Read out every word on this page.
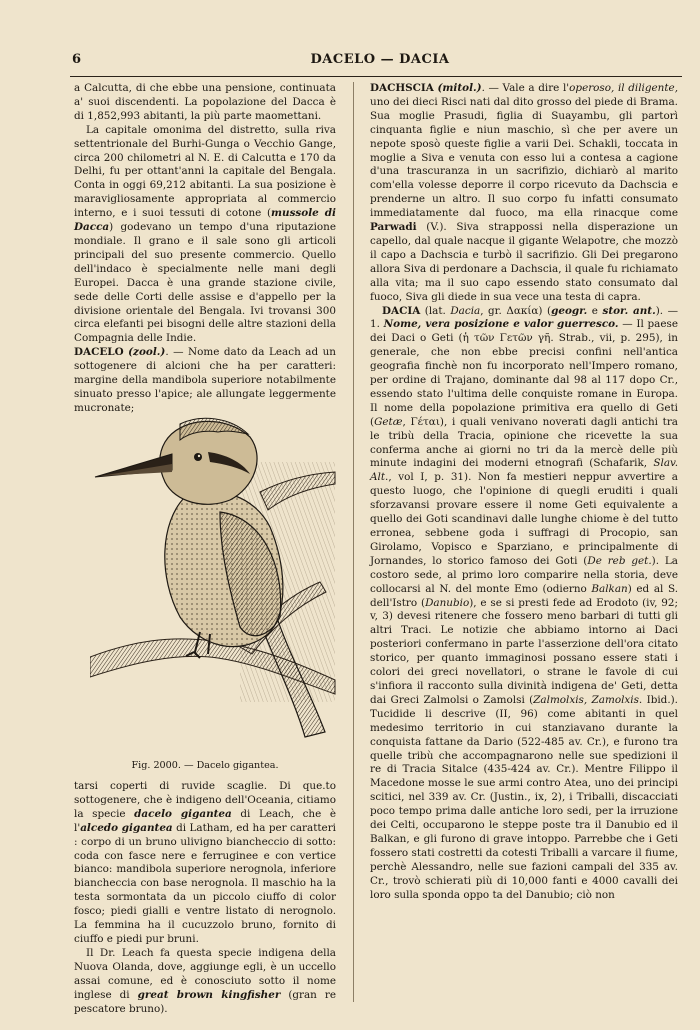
6	DACELO — DACIA

a Calcutta, di che ebbe una pensione, continuata a' suoi discendenti. La popolazione del Dacca è di 1,852,993 abitanti, la più parte maomettani.

La capitale omonima del distretto, sulla riva settentrionale del Burhi-Gunga o Vecchio Gange, circa 200 chilometri al N. E. di Calcutta e 170 da Delhi, fu per ottant'anni la capitale del Bengala. Conta in oggi 69,212 abitanti. La sua posizione è maravigliosamente appropriata al commercio interno, e i suoi tessuti di cotone (mussole di Dacca) godevano un tempo d'una riputazione mondiale. Il grano e il sale sono gli articoli principali del suo presente commercio. Quello dell'indaco è specialmente nelle mani degli Europei. Dacca è una grande stazione civile, sede delle Corti delle assise e d'appello per la divisione orientale del Bengala. Ivi trovansi 300 circa elefanti pei bisogni delle altre stazioni della Compagnia delle Indie.

DACELO (zool.). — Nome dato da Leach ad un sottogenere di alcioni che ha per caratteri: margine della mandibola superiore notabilmente sinuato presso l'apice; ale allungate leggermente mucronate;

Fig. 2000. — Dacelo gigantea.

tarsi coperti di ruvide scaglie. Di que.to sottogenere, che è indigeno dell'Oceania, citiamo la specie dacelo gigantea di Leach, che è l'alcedo gigantea di Latham, ed ha per caratteri : corpo di un bruno ulivigno biancheccio di sotto: coda con fasce nere e ferruginee e con vertice bianco: mandibola superiore nerognola, inferiore biancheccia con base nerognola. Il maschio ha la testa sormontata da un piccolo ciuffo di color fosco; piedi gialli e ventre listato di nerognolo. La femmina ha il cucuzzolo bruno, fornito di ciuffo e piedi pur bruni.

Il Dr. Leach fa questa specie indigena della Nuova Olanda, dove, aggiunge egli, è un uccello assai comune, ed è conosciuto sotto il nome inglese di great brown kingfisher (gran re pescatore bruno).

DACHSCIA (mitol.). — Vale a dire l'operoso, il diligente, uno dei dieci Risci nati dal dito grosso del piede di Brama. Sua moglie Prasudi, figlia di Suayambu, gli partorì cinquanta figlie e niun maschio, sì che per avere un nepote sposò queste figlie a varii Dei. Schakli, toccata in moglie a Siva e venuta con esso lui a contesa a cagione d'una trascuranza in un sacrifizio, dichiarò al marito com'ella volesse deporre il corpo ricevuto da Dachscia e prenderne un altro. Il suo corpo fu infatti consumato immediatamente dal fuoco, ma ella rinacque come Parwadi (V.). Siva strappossi nella disperazione un capello, dal quale nacque il gigante Welapotre, che mozzò il capo a Dachscia e turbò il sacrifizio. Gli Dei pregarono allora Siva di perdonare a Dachscia, il quale fu richiamato alla vita; ma il suo capo essendo stato consumato dal fuoco, Siva gli diede in sua vece una testa di capra.

DACIA (lat. Dacia, gr. Δακία) (geogr. e stor. ant.). — 1. Nome, vera posizione e valor guerresco. — Il paese dei Daci o Geti (ἡ τῶν Γετῶν γῆ. Strab., vii, p. 295), in generale, che non ebbe precisi confini nell'antica geografia finchè non fu incorporato nell'Impero romano, per ordine di Trajano, dominante dal 98 al 117 dopo Cr., essendo stato l'ultima delle conquiste romane in Europa. Il nome della popolazione primitiva era quello di Geti (Getæ, Γέται), i quali venivano noverati dagli antichi tra le tribù della Tracia, opinione che ricevette la sua conferma anche ai giorni no tri da la mercè delle più minute indagini dei moderni etnografi (Schafarik, Slav. Alt., vol I, p. 31). Non fa mestieri neppur avvertire a questo luogo, che l'opinione di quegli eruditi i quali sforzavansi provare essere il nome Geti equivalente a quello dei Goti scandinavi dalle lunghe chiome è del tutto erronea, sebbene goda i suffragi di Procopio, san Girolamo, Vopisco e Sparziano, e principalmente di Jornandes, lo storico famoso dei Goti (De reb get.). La costoro sede, al primo loro comparire nella storia, deve collocarsi al N. del monte Emo (odierno Balkan) ed al S. dell'Istro (Danubio), e se si presti fede ad Erodoto (iv, 92; v, 3) devesi ritenere che fossero meno barbari di tutti gli altri Traci. Le notizie che abbiamo intorno ai Daci posteriori confermano in parte l'asserzione dell'ora citato storico, per quanto immaginosi possano essere stati i colori dei greci novellatori, o strane le favole di cui s'infiora il racconto sulla divinità indigena de' Geti, detta dai Greci Zalmolsi o Zamolsi (Zalmolxis, Zamolxis. Ibid.). Tucidide li descrive (II, 96) come abitanti in quel medesimo territorio in cui stanziavano durante la conquista fattane da Dario (522-485 av. Cr.), e furono tra quelle tribù che accompagnarono nelle sue spedizioni il re di Tracia Sitalce (435-424 av. Cr.). Mentre Filippo il Macedone mosse le sue armi contro Atea, uno dei principi scitici, nel 339 av. Cr. (Justin., ix, 2), i Triballi, discacciati poco tempo prima dalle antiche loro sedi, per la irruzione dei Celti, occuparono le steppe poste tra il Danubio ed il Balkan, e gli furono di grave intoppo. Parrebbe che i Geti fossero stati costretti da cotesti Triballi a varcare il fiume, perchè Alessandro, nelle sue fazioni campali del 335 av. Cr., trovò schierati più di 10,000 fanti e 4000 cavalli dei loro sulla sponda oppo ta del Danubio; ciò non
